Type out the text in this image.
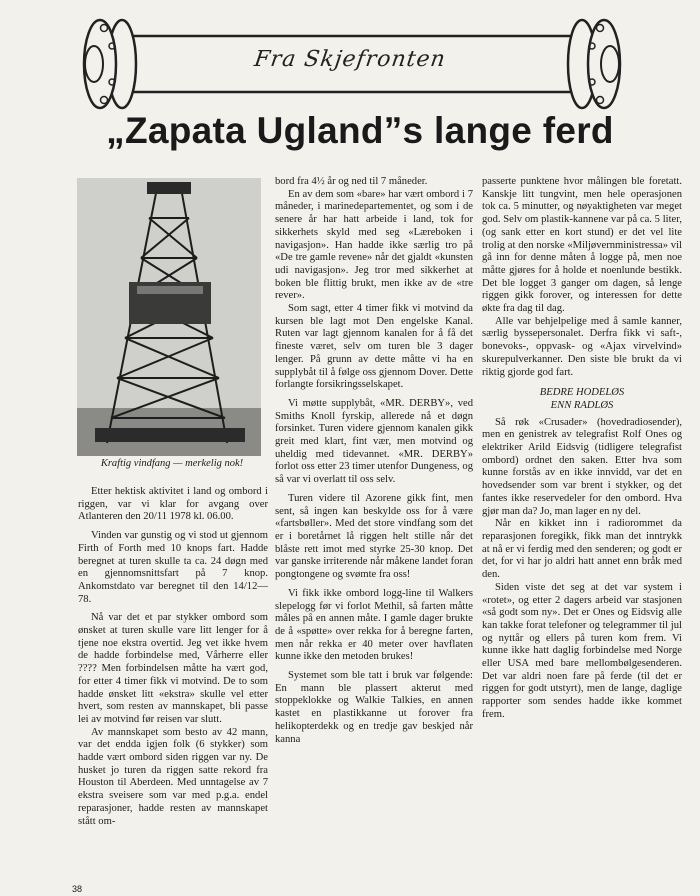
Fra Skjefronten
„Zapata Ugland”s lange ferd
Kraftig vindfang — merkelig nok!

Etter hektisk aktivitet i land og ombord i riggen, var vi klar for avgang over Atlanteren den 20/11 1978 kl. 06.00.

Vinden var gunstig og vi stod ut gjennom Firth of Forth med 10 knops fart. Hadde beregnet at turen skulle ta ca. 24 døgn med en gjennomsnittsfart på 7 knop. Ankomstdato var beregnet til den 14/12—78.

Nå var det et par stykker ombord som ønsket at turen skulle vare litt lenger for å tjene noe ekstra overtid. Jeg vet ikke hvem de hadde forbindelse med, Vårherre eller ???? Men forbindelsen måtte ha vært god, for etter 4 timer fikk vi motvind. De to som hadde ønsket litt «ekstra» skulle vel etter hvert, som resten av mannskapet, bli passe lei av motvind før reisen var slutt.

Av mannskapet som besto av 42 mann, var det endda igjen folk (6 stykker) som hadde vært ombord siden riggen var ny. De husket jo turen da riggen satte rekord fra Houston til Aberdeen. Med unntagelse av 7 ekstra sveisere som var med p.g.a. endel reparasjoner, hadde resten av mannskapet stått om-

bord fra 4½ år og ned til 7 måneder.

En av dem som «bare» har vært ombord i 7 måneder, i marinedepartementet, og som i de senere år har hatt arbeide i land, tok for sikkerhets skyld med seg «Læreboken i navigasjon». Han hadde ikke særlig tro på «De tre gamle revene» når det gjaldt «kunsten udi navigasjon». Jeg tror med sikkerhet at boken ble flittig brukt, men ikke av de «tre rever».

Som sagt, etter 4 timer fikk vi motvind da kursen ble lagt mot Den engelske Kanal. Ruten var lagt gjennom kanalen for å få det fineste været, selv om turen ble 3 dager lenger. På grunn av dette måtte vi ha en supplybåt til å følge oss gjennom Dover. Dette forlangte forsikringsselskapet.

Vi møtte supplybåt, «MR. DERBY», ved Smiths Knoll fyrskip, allerede nå et døgn forsinket. Turen videre gjennom kanalen gikk greit med klart, fint vær, men motvind og uheldig med tidevannet. «MR. DERBY» forlot oss etter 23 timer utenfor Dungeness, og så var vi overlatt til oss selv.

Turen videre til Azorene gikk fint, men sent, så ingen kan beskylde oss for å være «fartsbøller». Med det store vindfang som det er i boretårnet lå riggen helt stille når det blåste rett imot med styrke 25-30 knop. Det var ganske irriterende når måkene landet foran pongtongene og svømte fra oss!

Vi fikk ikke ombord logg-line til Walkers slepelogg før vi forlot Methil, så farten måtte måles på en annen måte. I gamle dager brukte de å «spøtte» over rekka for å beregne farten, men når rekka er 40 meter over havflaten kunne ikke den metoden brukes!

Systemet som ble tatt i bruk var følgende: En mann ble plassert akterut med stoppeklokke og Walkie Talkies, en annen kastet en plastikkanne ut forover fra helikopterdekk og en tredje gav beskjed når kanna

passerte punktene hvor målingen ble foretatt. Kanskje litt tungvint, men hele operasjonen tok ca. 5 minutter, og nøyaktigheten var meget god. Selv om plastik-kannene var på ca. 5 liter, (og sank etter en kort stund) er det vel lite trolig at den norske «Miljøvernministressa» vil gå inn for denne måten å logge på, men noe måtte gjøres for å holde et noenlunde bestikk. Det ble logget 3 ganger om dagen, så lenge riggen gikk forover, og interessen for dette økte fra dag til dag.

Alle var behjelpelige med å samle kanner, særlig byssepersonalet. Derfra fikk vi saft-, bonevoks-, oppvask- og «Ajax virvelvind» skurepulverkanner. Den siste ble brukt da vi riktig gjorde god fart.

BEDRE HODELØS
ENN RADLØS

Så røk «Crusader» (hovedradiosender), men en genistrek av telegrafist Rolf Ones og elektriker Arild Eidsvig (tidligere telegrafist ombord) ordnet den saken. Etter hva som kunne forstås av en ikke innvidd, var det en hovedsender som var brent i stykker, og det fantes ikke reservedeler for den ombord. Hva gjør man da? Jo, man lager en ny del.

Når en kikket inn i radiorommet da reparasjonen foregikk, fikk man det inntrykk at nå er vi ferdig med den senderen; og godt er det, for vi har jo aldri hatt annet enn bråk med den.

Siden viste det seg at det var system i «rotet», og etter 2 dagers arbeid var stasjonen «så godt som ny». Det er Ones og Eidsvig alle kan takke forat telefoner og telegrammer til jul og nyttår og ellers på turen kom frem. Vi kunne ikke hatt daglig forbindelse med Norge eller USA med bare mellombølgesenderen. Det var aldri noen fare på ferde (til det er riggen for godt utstyrt), men de lange, daglige rapporter som sendes hadde ikke kommet frem.

38
